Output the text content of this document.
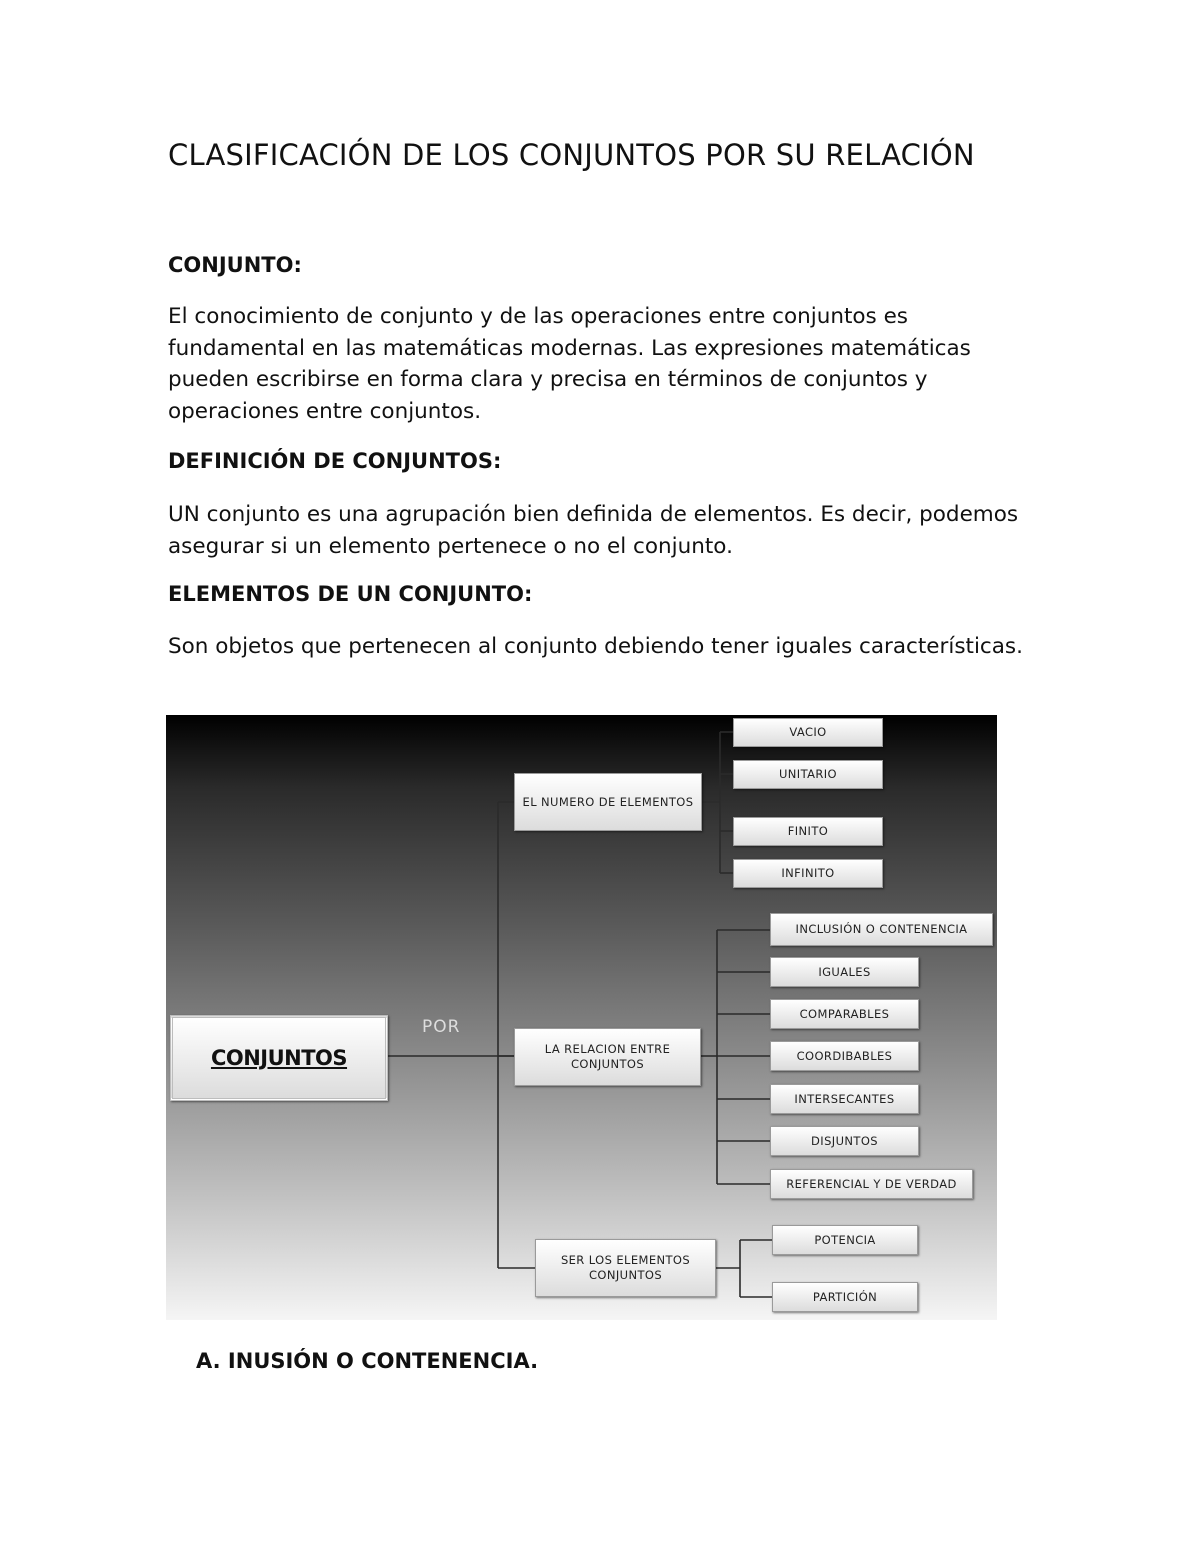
CLASIFICACIÓN DE LOS CONJUNTOS POR SU RELACIÓN
CONJUNTO:

El conocimiento de conjunto y de las operaciones entre conjuntos es fundamental en las matemáticas modernas. Las expresiones matemáticas pueden escribirse en forma clara y precisa en términos de conjuntos y operaciones entre conjuntos.

DEFINICIÓN DE CONJUNTOS:

UN conjunto es una agrupación bien definida de elementos. Es decir, podemos asegurar si un elemento pertenece o no el conjunto.

ELEMENTOS DE UN CONJUNTO:

Son objetos que pertenecen al conjunto debiendo tener iguales características.

CONJUNTOS
POR
EL NUMERO DE ELEMENTOS
VACIO
UNITARIO
FINITO
INFINITO
LA RELACION ENTRE CONJUNTOS
INCLUSIÓN O CONTENENCIA
IGUALES
COMPARABLES
COORDIBABLES
INTERSECANTES
DISJUNTOS
REFERENCIAL Y DE VERDAD
SER LOS ELEMENTOS CONJUNTOS
POTENCIA
PARTICIÓN
A. INUSIÓN O CONTENENCIA.
